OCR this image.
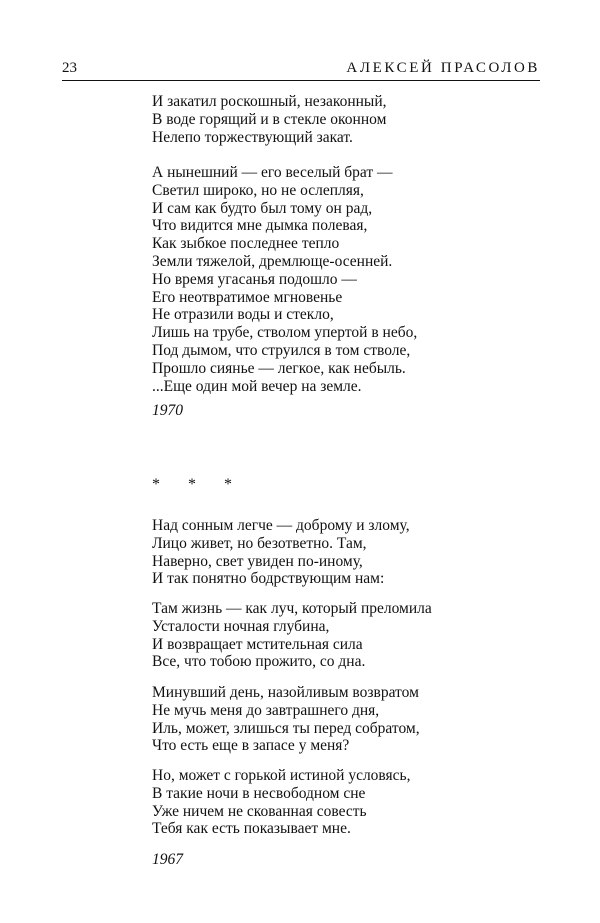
23	АЛЕКСЕЙ ПРАСОЛОВ
И закатил роскошный, незаконный,
В воде горящий и в стекле оконном
Нелепо торжествующий закат.
А нынешний — его веселый брат —
Светил широко, но не ослепляя,
И сам как будто был тому он рад,
Что видится мне дымка полевая,
Как зыбкое последнее тепло
Земли тяжелой, дремлюще-осенней.
Но время угасанья подошло —
Его неотвратимое мгновенье
Не отразили воды и стекло,
Лишь на трубе, стволом упертой в небо,
Под дымом, что струился в том стволе,
Прошло сиянье — легкое, как небыль.
...Еще один мой вечер на земле.
1970
* * *
Над сонным легче — доброму и злому,
Лицо живет, но безответно. Там,
Наверно, свет увиден по-иному,
И так понятно бодрствующим нам:
Там жизнь — как луч, который преломила
Усталости ночная глубина,
И возвращает мстительная сила
Все, что тобою прожито, со дна.
Минувший день, назойливым возвратом
Не мучь меня до завтрашнего дня,
Иль, может, злишься ты перед собратом,
Что есть еще в запасе у меня?
Но, может с горькой истиной условясь,
В такие ночи в несвободном сне
Уже ничем не скованная совесть
Тебя как есть показывает мне.
1967
